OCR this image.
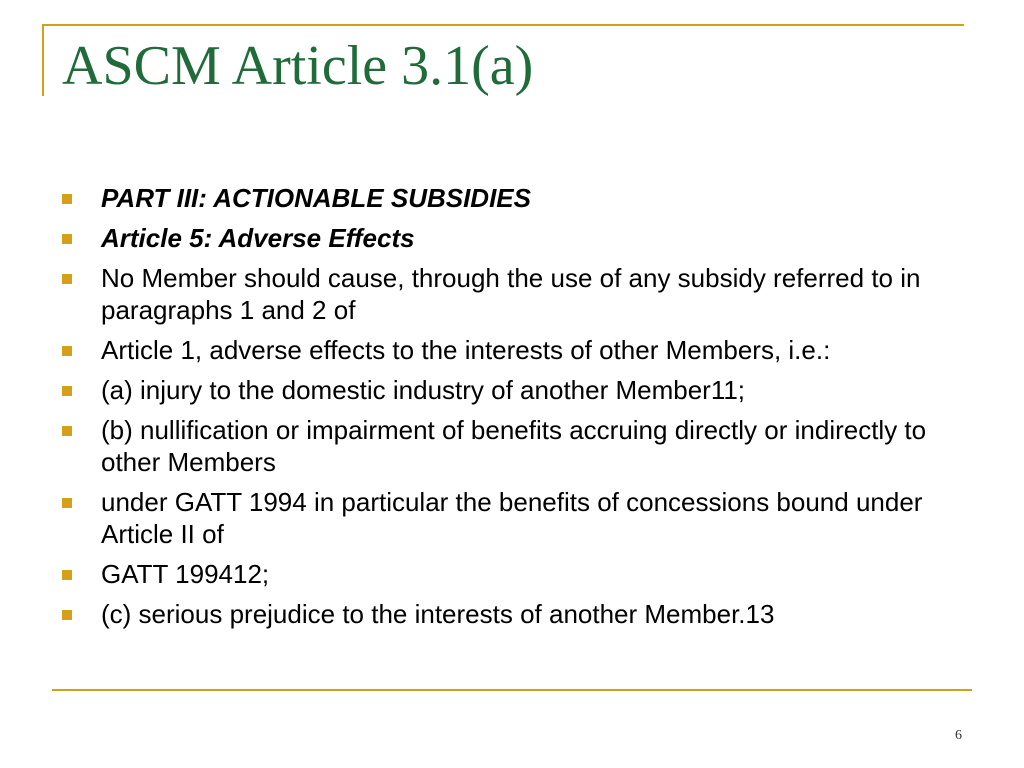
ASCM Article 3.1(a)
PART III: ACTIONABLE SUBSIDIES
Article 5: Adverse Effects
No Member should cause, through the use of any subsidy referred to in paragraphs 1 and 2 of
Article 1, adverse effects to the interests of other Members, i.e.:
(a) injury to the domestic industry of another Member11;
(b) nullification or impairment of benefits accruing directly or indirectly to other Members
under GATT 1994 in particular the benefits of concessions bound under Article II of
GATT 199412;
(c) serious prejudice to the interests of another Member.13
6
